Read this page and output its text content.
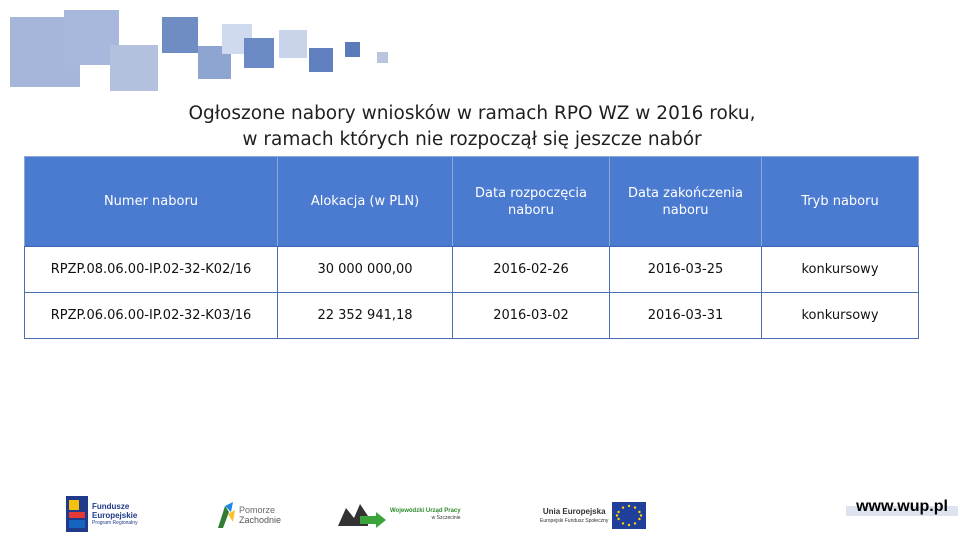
Ogłoszone nabory wniosków w ramach RPO WZ w 2016 roku,
w ramach których nie rozpoczął się jeszcze nabór
Numer naboru	Alokacja (w PLN)	Data rozpoczęcia naboru	Data zakończenia naboru	Tryb naboru
RPZP.08.06.00-IP.02-32-K02/16	30 000 000,00	2016-02-26	2016-03-25	konkursowy
RPZP.06.06.00-IP.02-32-K03/16	22 352 941,18	2016-03-02	2016-03-31	konkursowy
Fundusze
Europejskie
Program Regionalny
Pomorze
Zachodnie
Wojewódzki Urząd Pracy
w Szczecinie
Unia Europejska
Europejski Fundusz Społeczny
www.wup.pl
